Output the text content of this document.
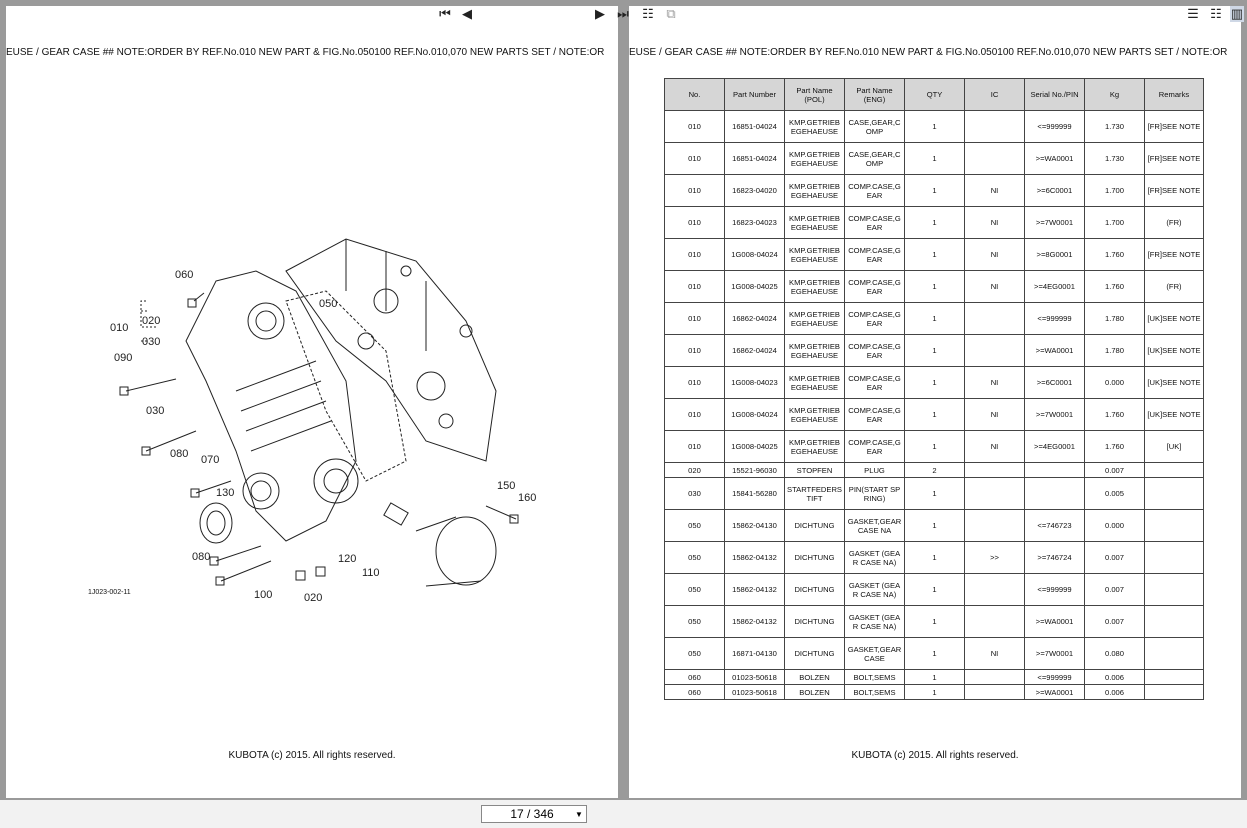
EUSE / GEAR CASE ## NOTE:ORDER BY REF.No.010 NEW PART & FIG.No.050100 REF.No.010,070 NEW PARTS SET / NOTE:OR
060
050
010
020
030
090
030
080 070
130
080
100	020
120
110
150
160
1J023-002-11
KUBOTA (c) 2015. All rights reserved.
EUSE / GEAR CASE ## NOTE:ORDER BY REF.No.010 NEW PART & FIG.No.050100 REF.No.010,070 NEW PARTS SET / NOTE:OR
No.	Part Number	Part Name (POL)	Part Name (ENG)	QTY	IC	Serial No./PIN	Kg	Remarks
010	16851-04024	KMP.GETRIEBEGEHAEUSE	CASE,GEAR,COMP	1		<=999999	1.730	[FR]SEE NOTE
010	16851-04024	KMP.GETRIEBEGEHAEUSE	CASE,GEAR,COMP	1		>=WA0001	1.730	[FR]SEE NOTE
010	16823-04020	KMP.GETRIEBEGEHAEUSE	COMP.CASE,GEAR	1	NI	>=6C0001	1.700	[FR]SEE NOTE
010	16823-04023	KMP.GETRIEBEGEHAEUSE	COMP.CASE,GEAR	1	NI	>=7W0001	1.700	(FR)
010	1G008-04024	KMP.GETRIEBEGEHAEUSE	COMP.CASE,GEAR	1	NI	>=8G0001	1.760	[FR]SEE NOTE
010	1G008-04025	KMP.GETRIEBEGEHAEUSE	COMP.CASE,GEAR	1	NI	>=4EG0001	1.760	(FR)
010	16862-04024	KMP.GETRIEBEGEHAEUSE	COMP.CASE,GEAR	1		<=999999	1.780	[UK]SEE NOTE
010	16862-04024	KMP.GETRIEBEGEHAEUSE	COMP.CASE,GEAR	1		>=WA0001	1.780	[UK]SEE NOTE
010	1G008-04023	KMP.GETRIEBEGEHAEUSE	COMP.CASE,GEAR	1	NI	>=6C0001	0.000	[UK]SEE NOTE
010	1G008-04024	KMP.GETRIEBEGEHAEUSE	COMP.CASE,GEAR	1	NI	>=7W0001	1.760	[UK]SEE NOTE
010	1G008-04025	KMP.GETRIEBEGEHAEUSE	COMP.CASE,GEAR	1	NI	>=4EG0001	1.760	[UK]
020	15521-96030	STOPFEN	PLUG	2			0.007	
030	15841-56280	STARTFEDERSTIFT	PIN(START SPRING)	1			0.005	
050	15862-04130	DICHTUNG	GASKET,GEAR CASE NA	1		<=746723	0.000	
050	15862-04132	DICHTUNG	GASKET (GEAR CASE NA)	1	>>	>=746724	0.007	
050	15862-04132	DICHTUNG	GASKET (GEAR CASE NA)	1		<=999999	0.007	
050	15862-04132	DICHTUNG	GASKET (GEAR CASE NA)	1		>=WA0001	0.007	
050	16871-04130	DICHTUNG	GASKET,GEAR CASE	1	NI	>=7W0001	0.080	
060	01023-50618	BOLZEN	BOLT,SEMS	1		<=999999	0.006	
060	01023-50618	BOLZEN	BOLT,SEMS	1		>=WA0001	0.006	
KUBOTA (c) 2015. All rights reserved.
⏮ ◀
17 / 346	▼
▶ ⏭ ☷ ⧉	☰ ☷ ▥
